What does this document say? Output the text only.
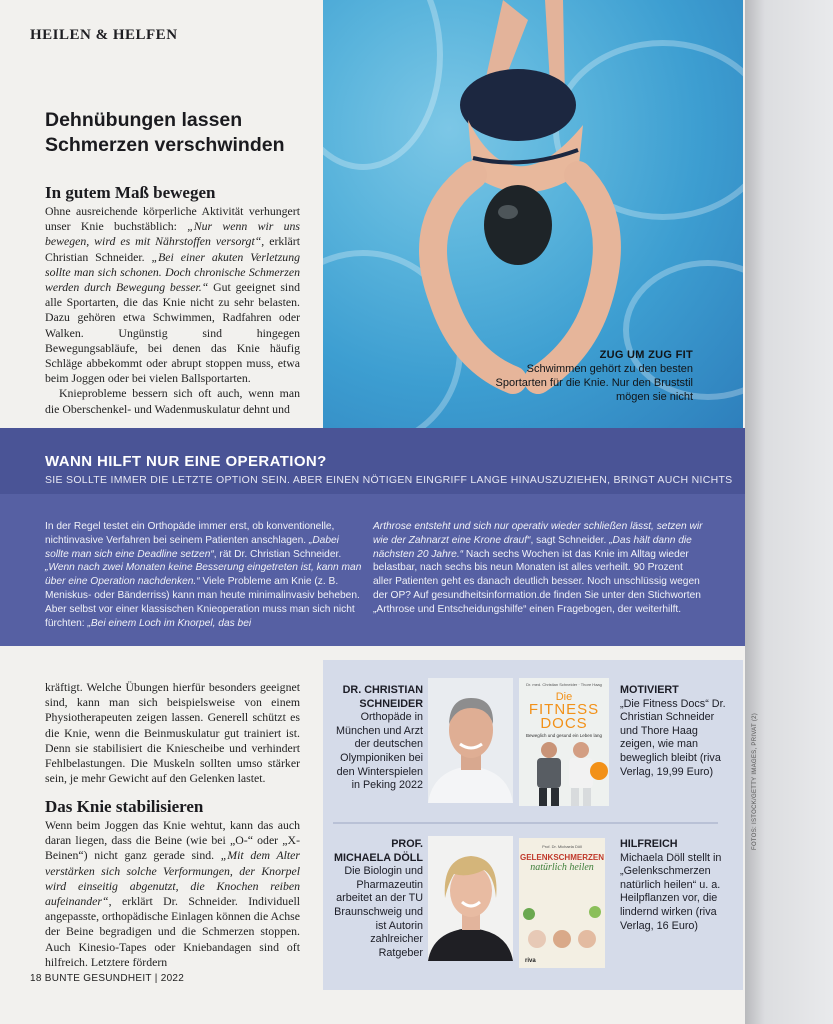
HEILEN & HELFEN
Dehnübungen lassen Schmerzen verschwinden
In gutem Maß bewegen

Ohne ausreichende körperliche Aktivität verhungert unser Knie buchstäblich: „Nur wenn wir uns bewegen, wird es mit Nährstoffen versorgt“, erklärt Christian Schneider. „Bei einer akuten Verletzung sollte man sich schonen. Doch chronische Schmerzen werden durch Bewegung besser.“ Gut geeignet sind alle Sportarten, die das Knie nicht zu sehr belasten. Dazu gehören etwa Schwimmen, Radfahren oder Walken. Ungünstig sind hingegen Bewegungsabläufe, bei denen das Knie häufig Schläge abbekommt oder abrupt stoppen muss, etwa beim Joggen oder bei vielen Ballsportarten.

Knieprobleme bessern sich oft auch, wenn man die Oberschenkel- und Wadenmuskulatur dehnt und

ZUG UM ZUG FIT
Schwimmen gehört zu den besten Sportarten für die Knie. Nur den Bruststil mögen sie nicht
WANN HILFT NUR EINE OPERATION?
SIE SOLLTE IMMER DIE LETZTE OPTION SEIN. ABER EINEN NÖTIGEN EINGRIFF LANGE HINAUSZUZIEHEN, BRINGT AUCH NICHTS
In der Regel testet ein Orthopäde immer erst, ob konventionelle, nichtinvasive Verfahren bei seinem Patienten anschlagen. „Dabei sollte man sich eine Deadline setzen“, rät Dr. Christian Schneider. „Wenn nach zwei Monaten keine Besserung eingetreten ist, kann man über eine Operation nachdenken.“ Viele Probleme am Knie (z. B. Meniskus- oder Bänderriss) kann man heute minimalinvasiv beheben. Aber selbst vor einer klassischen Knieoperation muss man sich nicht fürchten: „Bei einem Loch im Knorpel, das bei
Arthrose entsteht und sich nur operativ wieder schließen lässt, setzen wir wie der Zahnarzt eine Krone drauf“, sagt Schneider. „Das hält dann die nächsten 20 Jahre.“ Nach sechs Wochen ist das Knie im Alltag wieder belastbar, nach sechs bis neun Monaten ist alles verheilt. 90 Prozent aller Patienten geht es danach deutlich besser. Noch unschlüssig wegen der OP? Auf gesundheitsinformation.de finden Sie unter den Stichworten „Arthrose und Entscheidungshilfe“ einen Fragebogen, der weiterhilft.
kräftigt. Welche Übungen hierfür besonders geeignet sind, kann man sich beispielsweise von einem Physiotherapeuten zeigen lassen. Generell schützt es die Knie, wenn die Beinmuskulatur gut trainiert ist. Denn sie stabilisiert die Kniescheibe und verhindert Fehlbelastungen. Die Muskeln sollten umso stärker sein, je mehr Gewicht auf den Gelenken lastet.
Das Knie stabilisieren
Wenn beim Joggen das Knie wehtut, kann das auch daran liegen, dass die Beine (wie bei „O-“ oder „X-Beinen“) nicht ganz gerade sind. „Mit dem Alter verstärken sich solche Verformungen, der Knorpel wird einseitig abgenutzt, die Knochen reiben aufeinander“, erklärt Dr. Schneider. Individuell angepasste, orthopädische Einlagen können die Achse der Beine begradigen und die Schmerzen stoppen. Auch Kinesio-Tapes oder Kniebandagen sind oft hilfreich. Letztere fördern
18 BUNTE GESUNDHEIT | 2022
DR. CHRISTIAN
SCHNEIDER
Orthopäde in München und Arzt der deutschen Olympioniken bei den Winterspielen in Peking 2022
Dr. med. Christian Schneider · Thore Haag
Die
FITNESS
DOCS
Beweglich und gesund ein Leben lang
MOTIVIERT
„Die Fitness Docs“ Dr. Christian Schneider und Thore Haag zeigen, wie man beweglich bleibt (riva Verlag, 19,99 Euro)
PROF.
MICHAELA DÖLL
Die Biologin und Pharmazeutin arbeitet an der TU Braunschweig und ist Autorin zahlreicher Ratgeber
Prof. Dr. Michaela Döll
GELENKSCHMERZEN
natürlich heilen
riva
HILFREICH
Michaela Döll stellt in „Gelenkschmerzen natürlich heilen“ u. a. Heilpflanzen vor, die lindernd wirken (riva Verlag, 16 Euro)
FOTOS: ISTOCK/GETTY IMAGES, PRIVAT (2)
